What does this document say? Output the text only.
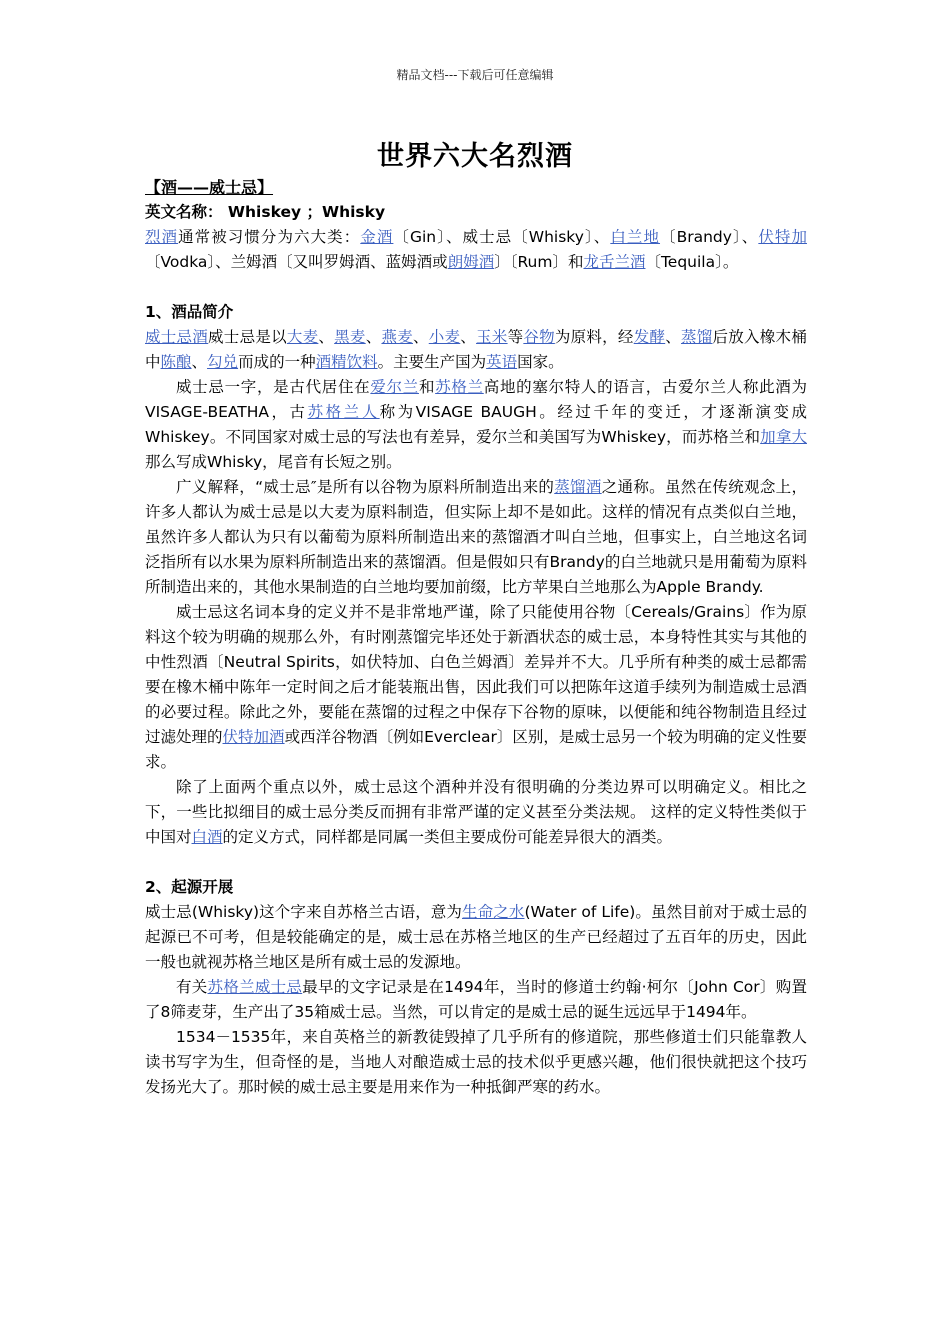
精品文档---下载后可任意编辑
世界六大名烈酒

【酒——威士忌】

英文名称： Whiskey ；Whisky

烈酒通常被习惯分为六大类：金酒〔Gin〕、威士忌〔Whisky〕、白兰地〔Brandy〕、伏特加〔Vodka〕、兰姆酒〔又叫罗姆酒、蓝姆酒或朗姆酒〕〔Rum〕和龙舌兰酒〔Tequila〕。

1、酒品简介

威士忌酒威士忌是以大麦、黑麦、燕麦、小麦、玉米等谷物为原料，经发酵、蒸馏后放入橡木桶中陈酿、勾兑而成的一种酒精饮料。主要生产国为英语国家。

威士忌一字，是古代居住在爱尔兰和苏格兰高地的塞尔特人的语言，古爱尔兰人称此酒为VISAGE-BEATHA，古苏格兰人称为VISAGE BAUGH。经过千年的变迁，才逐渐演变成Whiskey。不同国家对威士忌的写法也有差异，爱尔兰和美国写为Whiskey，而苏格兰和加拿大那么写成Whisky，尾音有长短之别。

广义解释，“威士忌″是所有以谷物为原料所制造出来的蒸馏酒之通称。虽然在传统观念上，许多人都认为威士忌是以大麦为原料制造，但实际上却不是如此。这样的情况有点类似白兰地，虽然许多人都认为只有以葡萄为原料所制造出来的蒸馏酒才叫白兰地，但事实上，白兰地这名词泛指所有以水果为原料所制造出来的蒸馏酒。但是假如只有Brandy的白兰地就只是用葡萄为原料所制造出来的，其他水果制造的白兰地均要加前缀，比方苹果白兰地那么为Apple Brandy.

威士忌这名词本身的定义并不是非常地严谨，除了只能使用谷物〔Cereals/Grains〕作为原料这个较为明确的规那么外，有时刚蒸馏完毕还处于新酒状态的威士忌，本身特性其实与其他的中性烈酒〔Neutral Spirits，如伏特加、白色兰姆酒〕差异并不大。几乎所有种类的威士忌都需要在橡木桶中陈年一定时间之后才能装瓶出售，因此我们可以把陈年这道手续列为制造威士忌酒的必要过程。除此之外，要能在蒸馏的过程之中保存下谷物的原味，以便能和纯谷物制造且经过过滤处理的伏特加酒或西洋谷物酒〔例如Everclear〕区别，是威士忌另一个较为明确的定义性要求。

除了上面两个重点以外，威士忌这个酒种并没有很明确的分类边界可以明确定义。相比之下，一些比拟细目的威士忌分类反而拥有非常严谨的定义甚至分类法规。 这样的定义特性类似于中国对白酒的定义方式，同样都是同属一类但主要成份可能差异很大的酒类。

2、起源开展

威士忌(Whisky)这个字来自苏格兰古语，意为生命之水(Water of Life)。虽然目前对于威士忌的起源已不可考，但是较能确定的是，威士忌在苏格兰地区的生产已经超过了五百年的历史，因此一般也就视苏格兰地区是所有威士忌的发源地。

有关苏格兰威士忌最早的文字记录是在1494年，当时的修道士约翰·柯尔〔John Cor〕购置了8筛麦芽，生产出了35箱威士忌。当然，可以肯定的是威士忌的诞生远远早于1494年。

1534－1535年，来自英格兰的新教徒毁掉了几乎所有的修道院，那些修道士们只能靠教人读书写字为生，但奇怪的是，当地人对酿造威士忌的技术似乎更感兴趣，他们很快就把这个技巧发扬光大了。那时候的威士忌主要是用来作为一种抵御严寒的药水。
